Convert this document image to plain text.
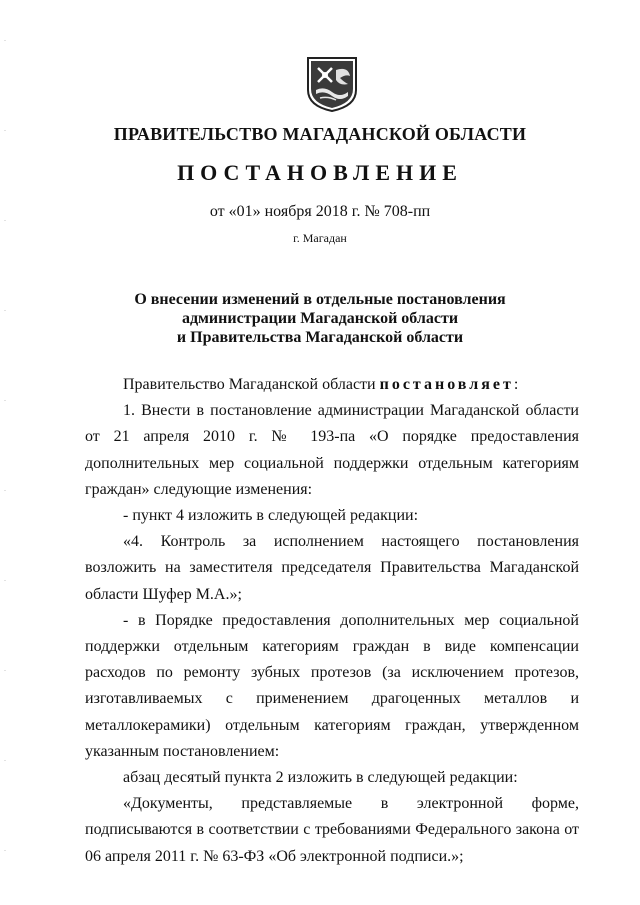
ПРАВИТЕЛЬСТВО МАГАДАНСКОЙ ОБЛАСТИ
ПОСТАНОВЛЕНИЕ
от «01» ноября 2018 г. № 708-пп
г. Магадан
О внесении изменений в отдельные постановления
администрации Магаданской области
и Правительства Магаданской области

Правительство Магаданской области постановляет:

1. Внести в постановление администрации Магаданской области от 21 апреля 2010 г. № 193-па «О порядке предоставления дополнительных мер социальной поддержки отдельным категориям граждан» следующие изменения:

- пункт 4 изложить в следующей редакции:

«4. Контроль за исполнением настоящего постановления возложить на заместителя председателя Правительства Магаданской области Шуфер М.А.»;

- в Порядке предоставления дополнительных мер социальной поддержки отдельным категориям граждан в виде компенсации расходов по ремонту зубных протезов (за исключением протезов, изготавливаемых с применением драгоценных металлов и металлокерамики) отдельным категориям граждан, утвержденном указанным постановлением:

абзац десятый пункта 2 изложить в следующей редакции:

«Документы, представляемые в электронной форме, подписываются в соответствии с требованиями Федерального закона от 06 апреля 2011 г. № 63-ФЗ «Об электронной подписи.»;
